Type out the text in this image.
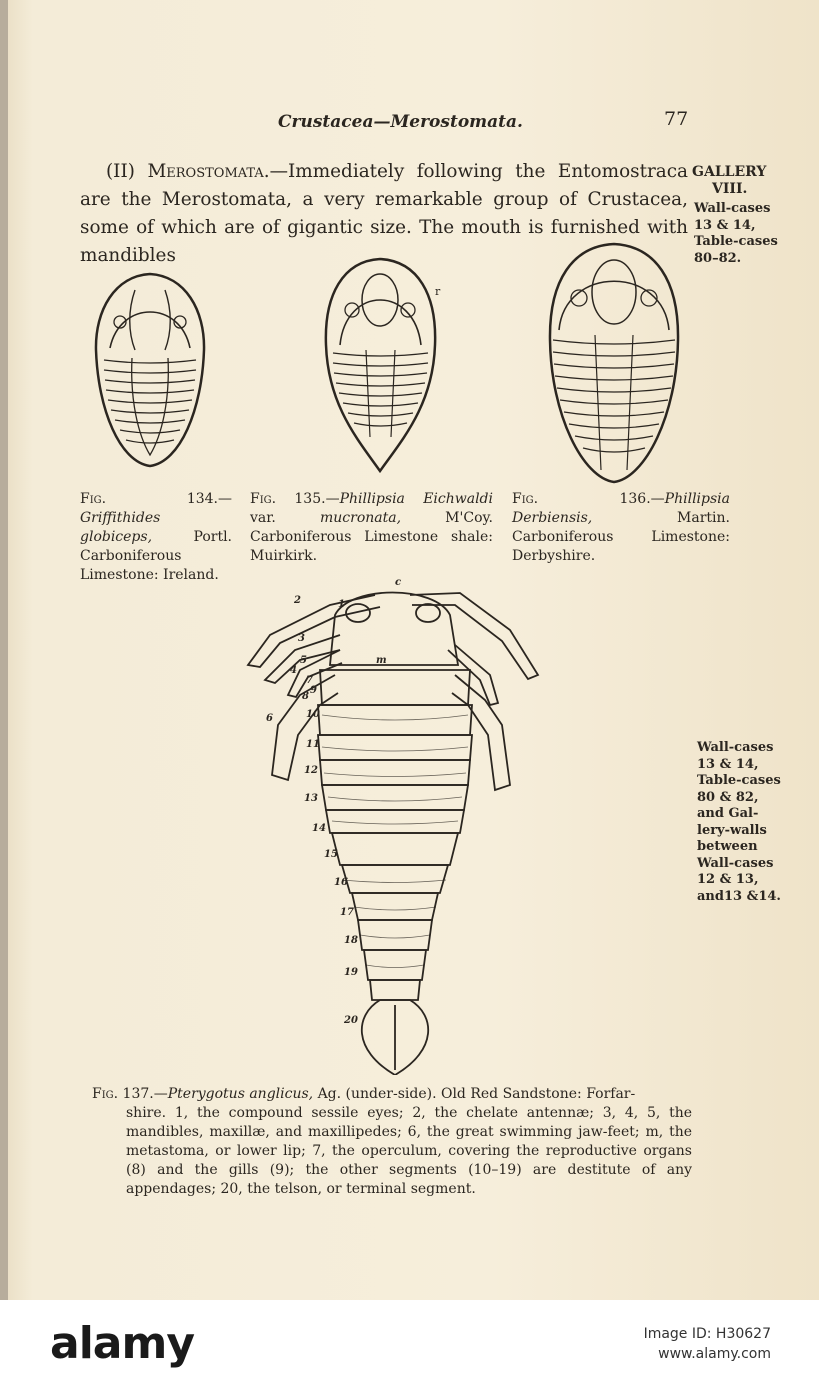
Crustacea—Merostomata.	77
(II) Merostomata.—Immediately following the Entomostraca are the Merostomata, a very remarkable group of Crustacea, some of which are of gigantic size. The mouth is furnished with mandibles
GALLERY
VIII.
Wall-cases 13 & 14, Table-cases 80–82.
r
Fig. 134.—Griffithides globiceps,	Portl. Carboniferous Limestone: Ireland.
Fig. 135.—Phillipsia Eichwaldi var.	mucronata,	M'Coy. Carboniferous Limestone shale: Muirkirk.
Fig. 136.—Phillipsia Derbiensis,	Martin. Carboniferous Limestone: Derbyshire.
c
1
2
3
4
5
6
7
8
9
10
11
12
13
14
15
16
17
18
19
20
m
Wall-cases 13 & 14, Table-cases 80 & 82, and Gal-lery-walls between Wall-cases 12 & 13, and13 &14.
Fig. 137.—Pterygotus anglicus, Ag. (under-side). Old Red Sandstone: Forfar-
shire. 1, the compound sessile eyes; 2, the chelate antennæ; 3, 4, 5, the mandibles, maxillæ, and maxillipedes; 6, the great swimming jaw-feet; m, the metastoma, or lower lip; 7, the operculum, covering the reproductive organs (8) and the gills (9); the other segments (10–19) are destitute of any appendages; 20, the telson, or terminal segment.
alamy	Image ID: H30627
www.alamy.com
